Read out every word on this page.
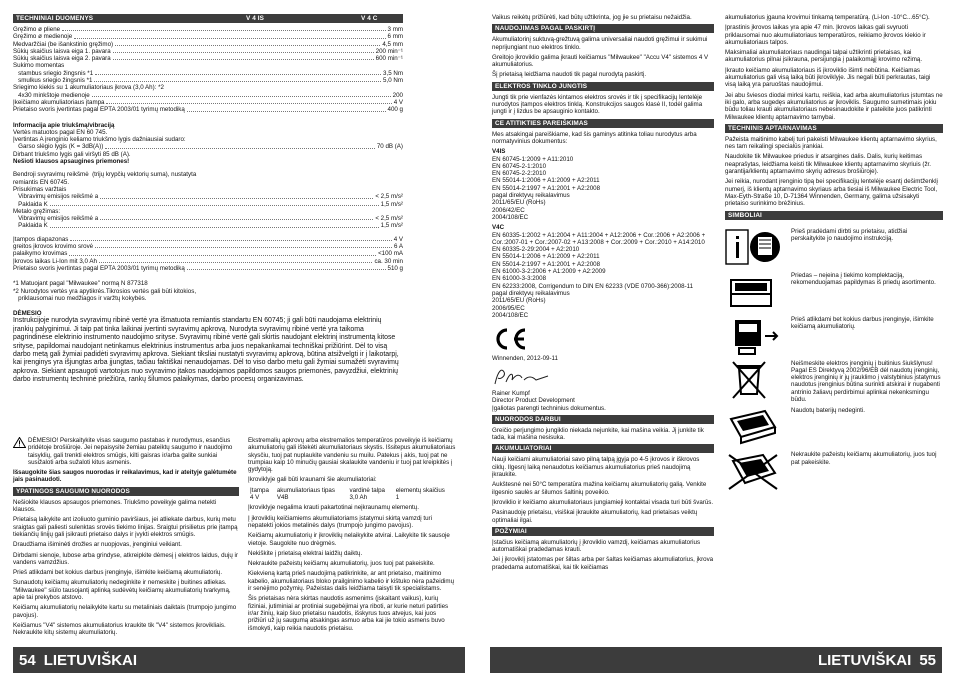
TECHNINIAI DUOMENYS	V 4 IS	V 4 C
Gręžimo ø pliene	3 mm
Gręžimo ø medienoje	6 mm
Medvaržčiai (be išankstinio gręžimo)	4,5 mm
Sūkių skaičius laisva eiga 1. pavara	200 min⁻¹
Sūkių skaičius laisva eiga 2. pavara	600 min⁻¹
Sukimo momentas
stambus sriegio žingsnis *1	3,5 Nm
smulkus sriegio žingsnis *1	5,0 Nm
Sriegimo kiekis su 1 akumuliatoriaus įkrova (3,0 Ah): *2
4x30 minkštoje medienoje	200
Įkeičiamo akumuliatoriaus įtampa	4 V
Prietaiso svoris įvertintas pagal EPTA 2003/01 tyrimų metodiką	400 g
Informacija apie triukšmą/vibraciją
Vertės matuotos pagal EN 60 745.
Įvertintas A įrenginio keliamo triukšmo lygis dažniausiai sudaro:
Garso slėgio lygis (K = 3dB(A))	70 dB (A)
Dirbant triukšmo lygis gali viršyti 85 dB (A).
Nešioti klausos apsaugines priemones!
Bendroji svyravimų reikšmė  (trijų krypčių vektorių suma), nustatyta
remiantis EN 60745.
Prisukimas varžtais
Vibravimų emisijos reikšmė a	< 2,5 m/s²
Paklaida K	1,5 m/s²
Metalo gręžimas:
Vibravimų emisijos reikšmė a	< 2,5 m/s²
Paklaida K	1,5 m/s²
Įtampos diapazonas	4 V
greitos įkrovos krovimo srovė	6 A
palaikymo krovimas	<100 mA
Įkrovos laikas Li-Ion mit 3,0 Ah	ca. 30 min
Prietaiso svoris įvertintas pagal EPTA 2003/01 tyrimų metodiką	510 g
*1 Matuojant pagal "Milwaukee" normą N 877318
*2 Nurodytos vertės yra apytikrės.Tikrosios vertės gali būti kitokios,
priklausomai nuo medžiagos ir varžtų kokybės.
DĖMESIO
Instrukcijoje nurodyta svyravimų ribinė vertė yra išmatuota remiantis standartu EN 60745; ji gali būti naudojama elektrinių įrankių palyginimui. Ji taip pat tinka laikinai įvertinti svyravimų apkrovą. Nurodyta svyravimų ribinė vertė yra taikoma pagrindinėse elektrinio instrumento naudojimo srityse. Svyravimų ribinė vertė gali skirtis naudojant elektrinį instrumentą kitose srityse, papildomai naudojant netinkamus elektrinius instrumentus arba juos nepakankamai techniškai prižiūrint. Dėl to visą darbo metą gali žymiai padidėti svyravimų apkrova. Siekiant tiksliai nustatyti svyravimų apkrovą, būtina atsižvelgti ir į laikotarpį, kai įrenginys yra išjungtas arba įjungtas, tačiau faktiškai nenaudojamas. Dėl to viso darbo metu gali žymiai sumažėti svyravimų apkrova. Siekiant apsaugoti vartotojus nuo svyravimo įtakos naudojamos papildomos saugos priemonės, pavyzdžiui, elektrinių darbo instrumentų techninė priežiūra, rankų šilumos palaikymas, darbo procesų organizavimas.
DĖMESIO! Perskaitykite visas saugumo pastabas ir nurodymus, esančius pridėtoje brošiūroje. Jei nepaisysite žemiau pateiktų saugumo ir naudojimo taisyklių, gali trenkti elektros smūgis, kilti gaisras ir/arba galite sunkiai susižaloti arba sužaloti kitus asmenis.
Išsaugokite šias saugos nuorodas ir reikalavimus, kad ir ateityje galėtumėte jais pasinaudoti.
YPATINGOS SAUGUMO NUORODOS
Nešiokite klausos apsaugos priemones. Triukšmo poveikyje galima netekti klausos.
Prietaisą laikykite ant izoliuoto guminio paviršiaus, jei atliekate darbus, kurių metu sraigtas gali paliesti sulenktas srovės tiekimo linijas. Sraigtui prisilietus prie įtampą tiekiančių linijų gali įsikrauti prietaiso dalys ir įvykti elektros smūgis.
Draudžiama išiminėti drožles ar nuopjovas, įrenginiui veikiant.
Dirbdami sienoje, lubose arba grindyse, atkreipkite dėmesį į elektros laidus, dujų ir vandens vamzdžius.
Prieš atlikdami bet kokius darbus įrenginyje, išimkite keičiamą akumuliatorių.
Sunaudotų keičiamų akumuliatorių nedeginkite ir nemeskite į buitines atliekas. "Milwaukee" siūlo tausojantį aplinką sudėvėtų keičiamų akumuliatorių tvarkymą, apie tai prekybos atstovo.
Keičiamų akumuliatorių nelaikykite kartu su metaliniais daiktais (trumpojo jungimo pavojus).
Keičiamus "V4" sistemos akumuliatorius kraukite tik "V4" sistemos įkrovikliais. Nekraukite kitų sistemų akumuliatorių.
Ekstremalių apkrovų arba ekstremalios temperatūros poveikyje iš keičiamų akumuliatorių gali ištekėti akumuliatoriaus skystis. Išsitepus akumuliatoriaus skysčiu, tuoj pat nuplaukite vandeniu su muilu. Patekus į akis, tuoj pat ne trumpiau kaip 10 minučių gausiai skalaukite vandeniu ir tuoj pat kreipkitės į gydytoją.
Įkroviklyje gali būti kraunami šie akumuliatoriai:
Įtampa	akumuliatoriaus tipas	vardinė talpa	elementų skaičius
4 V	V4B	3,0 Ah	1
Įkroviklyje negalima krauti pakartotinai neįkraunamų elementų.
Į įkroviklių keičiamiems akumuliatoriams įstatymui skirtą vamzdį turi nepatekti jokios metalinės dalys (trumpojo jungimo pavojus).
Keičiamų akumuliatorių ir įkroviklių nelaikykite atvirai. Laikykite tik sausoje vietoje. Saugokite nuo drėgmės.
Nekiškite į prietaisą elektrai laidžių daiktų.
Nekraukite pažeistų keičiamų akumuliatorių, juos tuoj pat pakeiskite.
Kiekvieną kartą prieš naudojimą patikrinkite, ar ant prietaiso, maitinimo kabelio, akumuliatoriaus bloko prailginimo kabelio ir kištuko nėra pažeidimų ir senėjimo požymių. Pažeistas dalis leidžiama taisyti tik specialistams.
Šis prietaisas nėra skirtas naudotis asmenims (įskaitant vaikus), kurių fiziniai, jutiminiai ar protiniai sugebėjimai yra riboti, ar kurie neturi patirties ir/ar žinių, kaip šiuo prietaisu naudotis, išskyrus tuos atvejus, kai juos prižiūri už jų saugumą atsakingas asmuo arba kai jie tokio asmens buvo išmokyti, kaip reikia naudotis prietaisu.
54 LIETUVIŠKAI
Vaikus reikėtų prižiūrėti, kad būtų užtikrinta, jog jie su prietaisu nežaidžia.
NAUDOJIMAS PAGAL PASKIRTĮ
Akumuliatorinį suktuvą-grežtuvą galima universaliai naudoti gręžimui ir sukimui neprijungiant nuo elektros tinklo.
Greitojo įkroviklio galima įkrauti keičiamus "Milwaukee" "Accu V4" sistemos 4 V akumuliatorius.
Šį prietaisą leidžiama naudoti tik pagal nurodytą paskirtį.
ELEKTROS TINKLO JUNGTIS
Jungti tik prie vienfazės kintamos elektros srovės ir tik į specifikacijų lentelėje nurodytos įtampos elektros tinklą. Konstrukcijos saugos klasė II, todėl galima jungti ir į lizdus be apsauginio kontakto.
CE ATITIKTIES PAREIŠKIMAS
Mes atsakingai pareiškiame, kad šis gaminys atitinka toliau nurodytus arba normatyvinius dokumentus:
V4IS
EN 60745-1:2009 + A11:2010
EN 60745-2-1:2010
EN 60745-2-2:2010
EN 55014-1:2006 + A1:2009 + A2:2011
EN 55014-2:1997 + A1:2001 + A2:2008
pagal direktyvų reikalavimus
2011/65/EU (RoHs)
2006/42/EC
2004/108/EC
V4C
EN 60335-1:2002 + A1:2004 + A11:2004 + A12:2006 + Cor.:2006 + A2:2006 + Cor.:2007-01 + Cor.:2007-02 + A13:2008 + Cor.:2009 + Cor.:2010 + A14:2010
EN 60335-2-29:2004 + A2:2010
EN 55014-1:2006 + A1:2009 + A2:2011
EN 55014-2:1997 + A1:2001 + A2:2008
EN 61000-3-2:2006 + A1:2009 + A2:2009
EN 61000-3-3:2008
EN 62233:2008, Corrigendum to DIN EN 62233 (VDE 0700-366):2008-11
pagal direktyvų reikalavimus
2011/65/EU (RoHs)
2006/95/EC
2004/108/EC
Winnenden, 2012-09-11
Rainer Kumpf
Director Product Development
Įgaliotas parengti techninius dokumentus.
NUORODOS DARBUI
Greičio perjungimo jungiklio niekada nejunkite, kai mašina veikia. Jį junkite tik tada, kai mašina nesisuka.
AKUMULIATORIAI
Nauji keičiami akumuliatoriai savo pilną talpą įgyja po 4-5 įkrovos ir iškrovos ciklų. Ilgesnį laiką nenaudotus keičiamus akumuliatorius prieš naudojimą įkraukite.
Aukštesnė nei 50°C temperatūra mažina keičiamų akumuliatorių galią. Venkite ilgesnio saulės ar šilumos šaltinių poveikio.
Įkroviklio ir keičiamo akumuliatoriaus jungiamieji kontaktai visada turi būti švarūs.
Pasinaudoję prietaisu, visiškai įkraukite akumuliatorių, kad prietaisas veiktų optimaliai ilgai.
POŽYMIAI
Įstačius keičiamą akumuliatorių į įkroviklio vamzdį, keičiamas akumuliatorius automatiškai pradedamas krauti.
Jei į įkroviklį įstatomas per šiltas arba per šaltas keičiamas akumuliatorius, įkrova pradedama automatiškai, kai tik keičiamas
akumuliatorius įgauna krovimui tinkamą temperatūrą. (Li-Ion -10°C...65°C).
Įprastinis įkrovos laikas yra apie 47 min. Įkrovos laikas gali svyruoti priklausomai nuo akumuliatoriaus temperatūros, reikiamo įkrovos kiekio ir akumuliatoriaus talpos.
Maksimaliai akumuliatoriaus naudingai talpai užtikrinti prietaisas, kai akumuliatorius pilnai įsikrauna, persijungia į palaikomąjį krovimo režimą.
Įkrauto keičiamo akumuliatoriaus iš įkroviklio išimti nebūtina. Keičiamas akumuliatorius gali visą laiką būti įkroviklyje. Jis negali būti perkrautas, taigi visą laiką yra paruoštas naudojimui.
Jei abu šviesos diodai mirksi kartu, reiškia, kad arba akumuliatorius įstumtas ne iki galo, arba sugedęs akumuliatorius ar įkroviklis. Saugumo sumetimais jokiu būdu toliau krauti akumuliatoriaus nebesinaudokite ir pateikite juos patikrinti Milwaukee klientų aptarnavimo tarnybai.
TECHNINIS APTARNAVIMAS
Pažeista maitinimo kabelį turi pakeisti Milwaukee klientų aptarnavimo skyrius, nes tam reikalingi specialūs įrankiai.
Naudokite tik Milwaukee priedus ir atsargines dalis. Dalis, kurių keitimas neaprašytas, leidžiama keisti tik Milwaukee klientų aptarnavimo skyriuis (žr. garantija/klientų aptarnavimo skyrių adresus brošiūroje).
Jei reikia, nurodant įrenginio tipą bei specifikacijų lentelėje esantį dešimtženklį numerį, iš klientų aptarnavimo skyriaus arba tiesiai iš Milwaukee Electric Tool, Max-Eyth-Straße 10, D-71364 Winnenden, Germany, galima užsisakyti prietaiso surinkimo brėžinius.
SIMBOLIAI
Prieš pradėdami dirbti su prietaisu, atidžiai perskaitykite jo naudojimo instrukciją.
Priedas – neįeina į tiekimo komplektaciją, rekomenduojamas papildymas iš priedų asortimento.
Prieš atlikdami bet kokius darbus įrenginyje, išimkite keičiamą akumuliatorių.
Neišmeskite elektros įrenginių į buitinius šiukšlynus! Pagal ES Direktyvą 2002/96/EB dėl naudotų įrenginių, elektros įrenginių ir jų įrauklimo į valstybinius įstatymus naudotus įrenginius būtina surinkti atskirai ir nugabenti antrinio žaliavų perdirbimui aplinkai nekenksmingu būdu.
Naudotų baterijų nedeginti.
Nekraukite pažeistų keičiamų akumuliatorių, juos tuoj pat pakeiskite.
LIETUVIŠKAI 55
